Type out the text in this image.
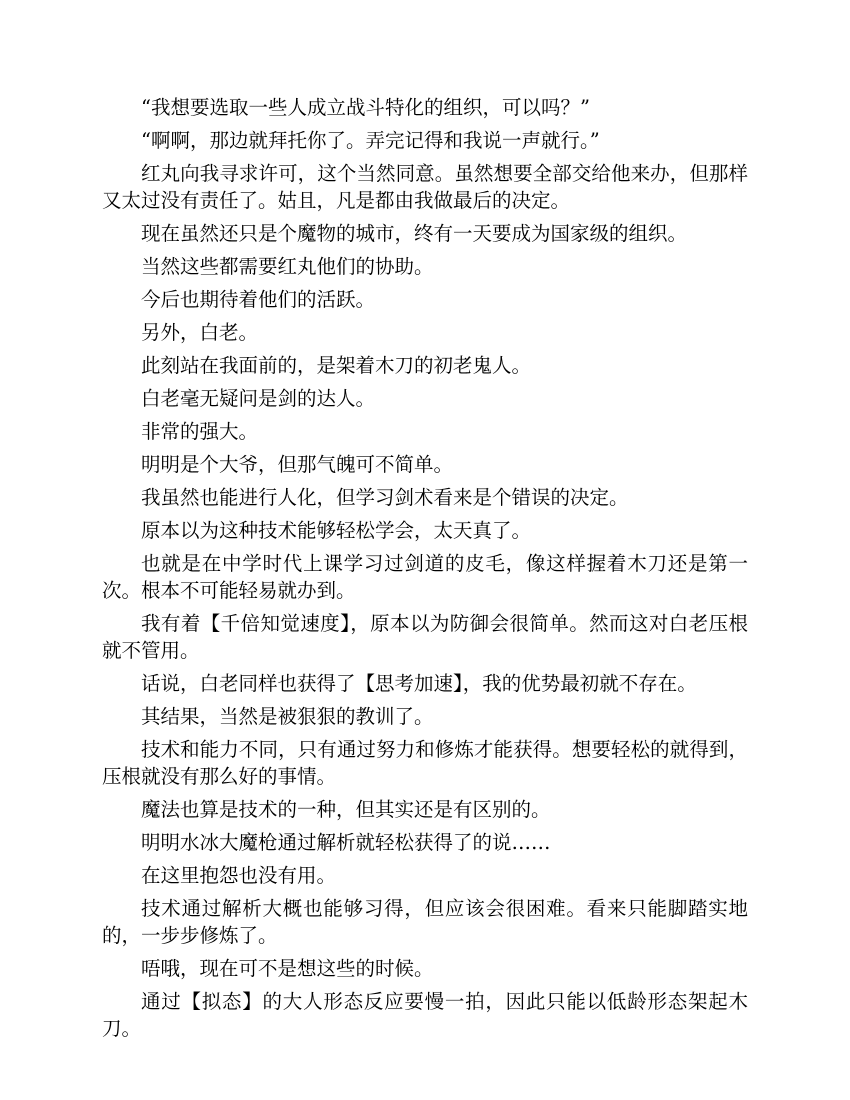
“我想要选取一些人成立战斗特化的组织，可以吗？”

“啊啊，那边就拜托你了。弄完记得和我说一声就行。”

红丸向我寻求许可，这个当然同意。虽然想要全部交给他来办，但那样又太过没有责任了。姑且，凡是都由我做最后的决定。

现在虽然还只是个魔物的城市，终有一天要成为国家级的组织。

当然这些都需要红丸他们的协助。

今后也期待着他们的活跃。

另外，白老。

此刻站在我面前的，是架着木刀的初老鬼人。

白老毫无疑问是剑的达人。

非常的强大。

明明是个大爷，但那气魄可不简单。

我虽然也能进行人化，但学习剑术看来是个错误的决定。

原本以为这种技术能够轻松学会，太天真了。

也就是在中学时代上课学习过剑道的皮毛，像这样握着木刀还是第一次。根本不可能轻易就办到。

我有着【千倍知觉速度】，原本以为防御会很简单。然而这对白老压根就不管用。

话说，白老同样也获得了【思考加速】，我的优势最初就不存在。

其结果，当然是被狠狠的教训了。

技术和能力不同，只有通过努力和修炼才能获得。想要轻松的就得到，压根就没有那么好的事情。

魔法也算是技术的一种，但其实还是有区别的。

明明水冰大魔枪通过解析就轻松获得了的说……

在这里抱怨也没有用。

技术通过解析大概也能够习得，但应该会很困难。看来只能脚踏实地的，一步步修炼了。

唔哦，现在可不是想这些的时候。

通过【拟态】的大人形态反应要慢一拍，因此只能以低龄形态架起木刀。
